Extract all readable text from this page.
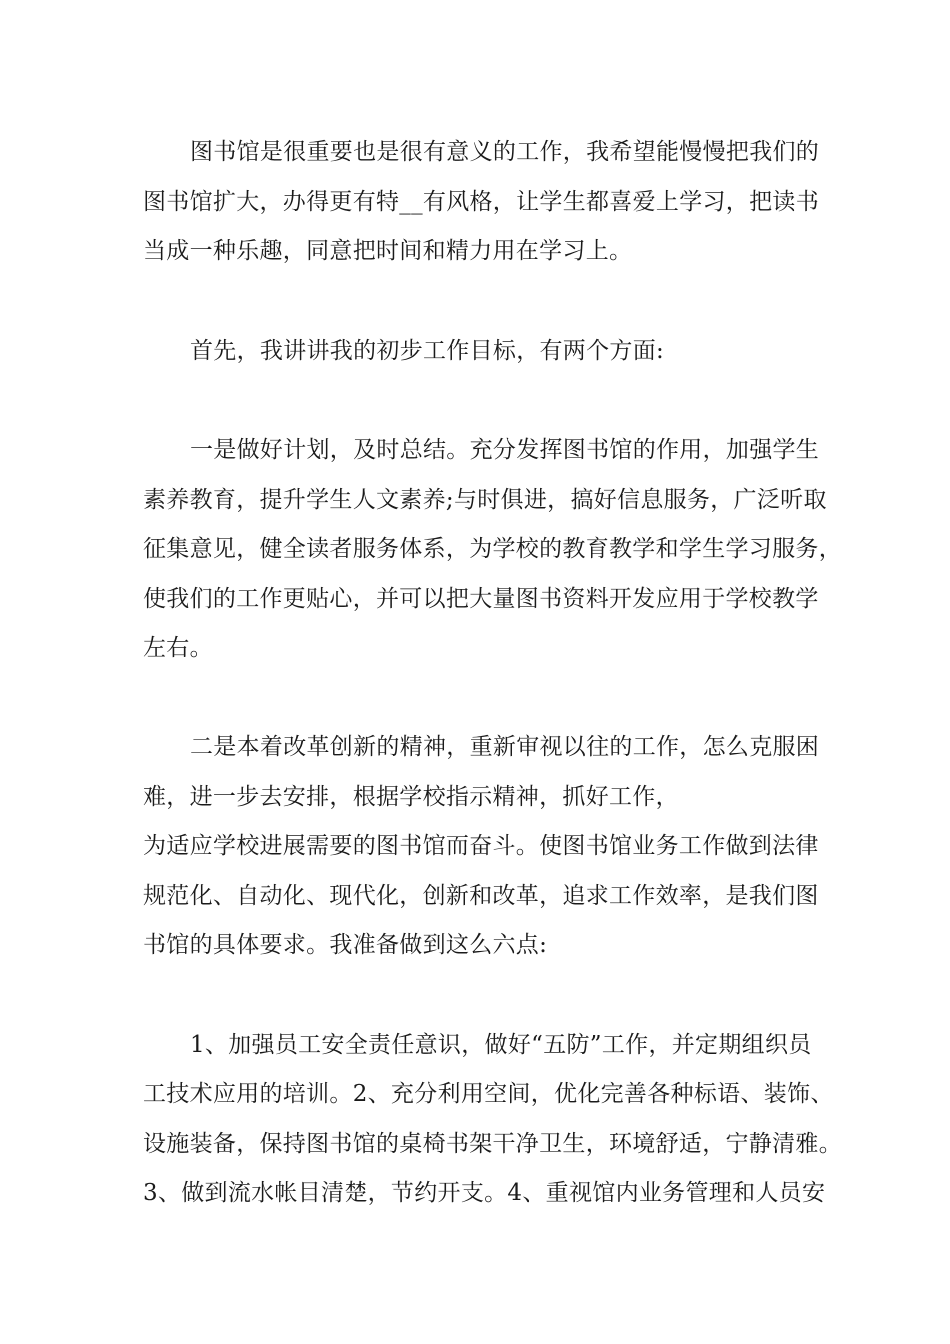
图书馆是很重要也是很有意义的工作，我希望能慢慢把我们的
图书馆扩大，办得更有特__有风格，让学生都喜爱上学习，把读书
当成一种乐趣，同意把时间和精力用在学习上。
首先，我讲讲我的初步工作目标，有两个方面:
一是做好计划，及时总结。充分发挥图书馆的作用，加强学生
素养教育，提升学生人文素养;与时俱进，搞好信息服务，广泛听取
征集意见，健全读者服务体系，为学校的教育教学和学生学习服务，
使我们的工作更贴心，并可以把大量图书资料开发应用于学校教学
左右。
二是本着改革创新的精神，重新审视以往的工作，怎么克服困
难，进一步去安排，根据学校指示精神，抓好工作，
为适应学校进展需要的图书馆而奋斗。使图书馆业务工作做到法律
规范化、自动化、现代化，创新和改革，追求工作效率，是我们图
书馆的具体要求。我准备做到这么六点:
1、加强员工安全责任意识，做好“五防”工作，并定期组织员
工技术应用的培训。2、充分利用空间，优化完善各种标语、装饰、
设施装备，保持图书馆的桌椅书架干净卫生，环境舒适，宁静清雅。
3、做到流水帐目清楚，节约开支。4、重视馆内业务管理和人员安
